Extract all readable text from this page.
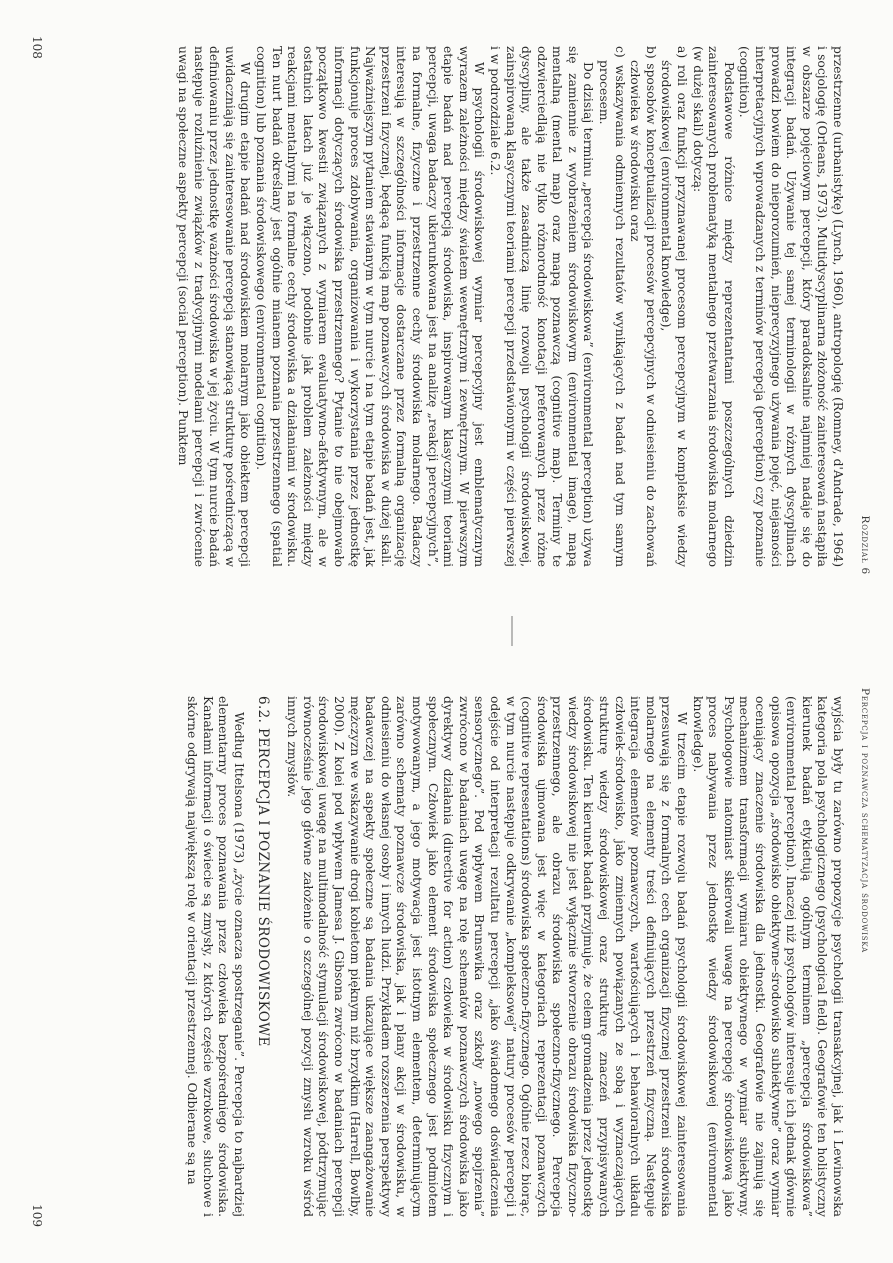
Rozdział 6

przestrzenne (urbanistykę) (Lynch, 1960), antropologię (Romney, d'Andrade, 1964) i socjologię (Orleans, 1973). Multidyscyplinarna złożoność zainteresowań nastąpiła w obszarze pojęciowym percepcji, który paradoksalnie najmniej nadaje się do integracji badań. Używanie tej samej terminologii w różnych dyscyplinach prowadzi bowiem do nieporozumień, nieprecyzyjnego używania pojęć, niejasności interpretacyjnych wprowadzanych z terminów percepcja (perception) czy poznanie (cognition).

Podstawowe różnice między reprezentantami poszczególnych dziedzin zainteresowanych problematyką mentalnego przetwarzania środowiska molarnego (w dużej skali) dotyczą:

a) roli oraz funkcji przyznawanej procesom percepcyjnym w kompleksie wiedzy środowiskowej (environmental knowledge),

b) sposobów konceptualizacji procesów percepcyjnych w odniesieniu do zachowań człowieka w środowisku oraz

c) wskazywania odmiennych rezultatów wynikających z badań nad tym samym procesem.

Do dzisiaj terminu „percepcja środowiskowa” (environmental perception) używa się zamiennie z wyobrażeniem środowiskowym (environmental image), mapą mentalną (mental map) oraz mapą poznawczą (cognitive map). Terminy te odzwierciedlają nie tylko różnorodność konotacji preferowanych przez różne dyscypliny, ale także zasadniczą linię rozwoju psychologii środowiskowej, zainspirowaną klasycznymi teoriami percepcji przedstawionymi w części pierwszej i w podrozdziale 6.2.

W psychologii środowiskowej wymiar percepcyjny jest emblematycznym wyrazem zależności między światem wewnętrznym i zewnętrznym. W pierwszym etapie badań nad percepcją środowiska, inspirowanym klasycznymi teoriami percepcji, uwaga badaczy ukierunkowana jest na analizę „reakcji percepcyjnych”, na formalne, fizyczne i przestrzenne cechy środowiska molarnego. Badaczy interesują w szczególności informacje dostarczane przez formalną organizację przestrzeni fizycznej, będącą funkcją map poznawczych środowiska w dużej skali. Najważniejszym pytaniem stawianym w tym nurcie i na tym etapie badań jest, jak funkcjonuje proces zdobywania, organizowania i wykorzystania przez jednostkę informacji dotyczących środowiska przestrzennego? Pytanie to nie obejmowało początkowo kwestii związanych z wymiarem ewaluatywno-afektywnym, ale w ostatnich latach już je włączono, podobnie jak problem zależności między reakcjami mentalnymi na formalne cechy środowiska a działaniami w środowisku. Ten nurt badań określany jest ogólnie mianem poznania przestrzennego (spatial cognition) lub poznania środowiskowego (environmental cognition).

W drugim etapie badań nad środowiskiem molarnym jako obiektem percepcji uwidaczniają się zainteresowanie percepcją stanowiącą strukturę pośredniczącą w definiowaniu przez jednostkę ważności środowiska w jej życiu. W tym nurcie badań następuje rozluźnienie związków z tradycyjnymi modelami percepcji i zwrócenie uwagi na społeczne aspekty percepcji (social perception). Punktem

108
Percepcja i poznawcza schematyzacja środowiska

wyjścia były tu zarówno propozycje psychologii transakcyjnej, jak i Lewinowska kategoria pola psychologicznego (psychological field). Geografowie ten holistyczny kierunek badań etykietują ogólnym terminem „percepcja środowiskowa” (environmental perception). Inaczej niż psychologów interesuje ich jednak głównie opisowa opozycja „środowisko obiektywne–środowisko subiektywne” oraz wymiar oceniający znaczenie środowiska dla jednostki. Geografowie nie zajmują się mechanizmem transformacji wymiaru obiektywnego w wymiar subiektywny. Psychologowie natomiast skierowali uwagę na percepcję środowiskową jako proces nabywania przez jednostkę wiedzy środowiskowej (environmental knowledge).

W trzecim etapie rozwoju badań psychologii środowiskowej zainteresowania przesuwają się z formalnych cech organizacji fizycznej przestrzeni środowiska molarnego na elementy treści definiujących przestrzeń fizyczną. Następuje integracja elementów poznawczych, wartościujących i behawioralnych układu człowiek–środowisko, jako zmiennych powiązanych ze sobą i wyznaczających strukturę wiedzy środowiskowej oraz strukturę znaczeń przypisywanych środowisku. Ten kierunek badań przyjmuje, że celem gromadzenia przez jednostkę wiedzy środowiskowej nie jest wyłącznie stworzenie obrazu środowiska fizyczno-przestrzennego, ale obrazu środowiska społeczno-fizycznego. Percepcja środowiska ujmowana jest więc w kategoriach reprezentacji poznawczych (cognitive representations) środowiska społeczno-fizycznego. Ogólnie rzecz biorąc, w tym nurcie następuje odkrywanie „kompleksowej” natury procesów percepcji i odejście od interpretacji rezultatu percepcji „jako świadomego doświadczenia sensorycznego”. Pod wpływem Brunswika oraz szkoły „nowego spojrzenia” zwrócono w badaniach uwagę na rolę schematów poznawczych środowiska jako dyrektywy działania (directive for action) człowieka w środowisku fizycznym i społecznym. Człowiek jako element środowiska społecznego jest podmiotem motywowanym, a jego motywacja jest istotnym elementem, determinującym zarówno schematy poznawcze środowiska, jak i plany akcji w środowisku, w odniesieniu do własnej osoby i innych ludzi. Przykładem rozszerzenia perspektywy badawczej na aspekty społeczne są badania ukazujące większe zaangażowanie mężczyzn we wskazywanie drogi kobietom pięknym niż brzydkim (Harrell, Bowlby, 2000). Z kolei pod wpływem Jamesa J. Gibsona zwrócono w badaniach percepcji środowiskowej uwagę na multimodalność stymulacji środowiskowej, pódtrzymując równocześnie jego główne założenie o szczególnej pozycji zmysłu wzroku wśród innych zmysłów.

6.2. PERCEPCJA I POZNANIE ŚRODOWISKOWE

Według Ittelsona (1973) „życie oznacza spostrzeganie”. Percepcja to najbardziej elementarny proces poznawania przez człowieka bezpośredniego środowiska. Kanałami informacji o świecie są zmysły, z których częście wzrokowe, słuchowe i skórne odgrywają największą rolę w orientacji przestrzennej. Odbierane są na

109
